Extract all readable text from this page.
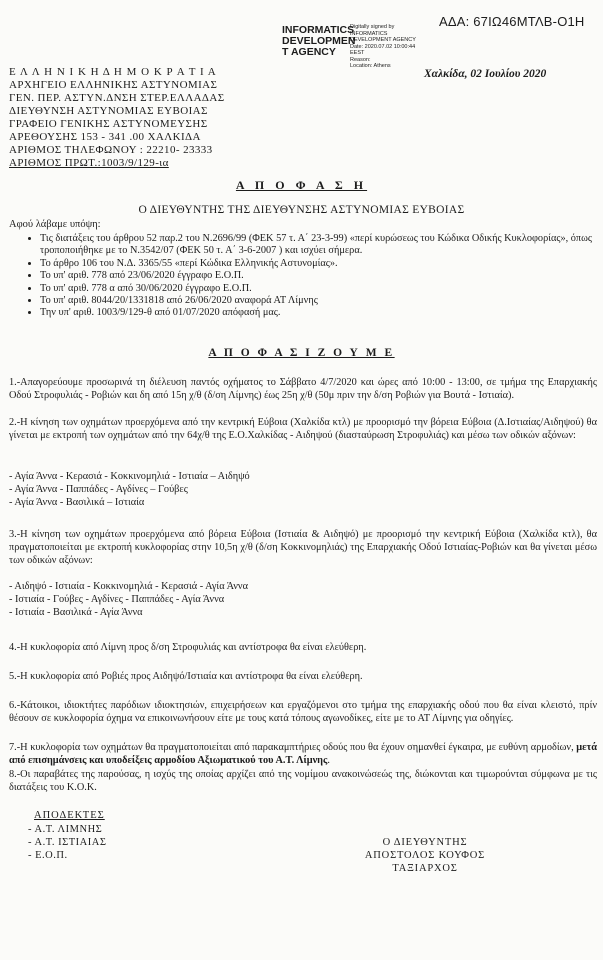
ΑΔΑ: 67ΙΩ46ΜΤΛΒ-Ο1Η
INFORMATICS
DEVELOPMEN
T AGENCY
Digitally signed by
INFORMATICS
DEVELOPMENT AGENCY
Date: 2020.07.02 10:00:44
EEST
Reason:
Location: Athens
Χαλκίδα, 02 Ιουλίου 2020
Ε Λ Λ Η Ν Ι Κ Η Δ Η Μ Ο Κ Ρ Α Τ Ι Α
ΑΡΧΗΓΕΙΟ ΕΛΛΗΝΙΚΗΣ ΑΣΤΥΝΟΜΙΑΣ
ΓΕΝ. ΠΕΡ. ΑΣΤΥΝ.ΔΝΣΗ ΣΤΕΡ.ΕΛΛΑΔΑΣ
ΔΙΕΥΘΥΝΣΗ ΑΣΤΥΝΟΜΙΑΣ ΕΥΒΟΙΑΣ
ΓΡΑΦΕΙΟ ΓΕΝΙΚΗΣ ΑΣΤΥΝΟΜΕΥΣΗΣ
ΑΡΕΘΟΥΣΗΣ 153 - 341 .00 ΧΑΛΚΙΔΑ
ΑΡΙΘΜΟΣ ΤΗΛΕΦΩΝΟΥ : 22210- 23333
ΑΡΙΘΜΟΣ ΠΡΩΤ.:1003/9/129-ια
Α Π Ο Φ Α Σ Η
Ο ΔΙΕΥΘΥΝΤΗΣ ΤΗΣ ΔΙΕΥΘΥΝΣΗΣ ΑΣΤΥΝΟΜΙΑΣ ΕΥΒΟΙΑΣ
Αφού λάβαμε υπόψη:
• Τις διατάξεις του άρθρου 52 παρ.2 του Ν.2696/99 (ΦΕΚ 57 τ. Α΄ 23-3-99) «περί κυρώσεως του Κώδικα Οδικής Κυκλοφορίας», όπως τροποποιήθηκε με το Ν.3542/07 (ΦΕΚ 50 τ. Α΄ 3-6-2007 ) και ισχύει σήμερα.
• Το άρθρο 106 του Ν.Δ. 3365/55 «περί Κώδικα Ελληνικής Αστυνομίας».
• Το υπ' αριθ. 778 από 23/06/2020 έγγραφο Ε.Ο.Π.
• Το υπ' αριθ. 778 α από 30/06/2020 έγγραφο Ε.Ο.Π.
• Το υπ' αριθ. 8044/20/1331818 από 26/06/2020 αναφορά ΑΤ Λίμνης
• Την υπ' αριθ. 1003/9/129-θ από 01/07/2020 απόφασή μας.
Α Π Ο Φ Α Σ Ι Ζ Ο Υ Μ Ε
1.-Απαγορεύουμε προσωρινά τη διέλευση παντός οχήματος το Σάββατο 4/7/2020 και ώρες από 10:00 - 13:00, σε τμήμα της Επαρχιακής Οδού Στροφυλιάς - Ροβιών και δη από 15η χ/θ (δ/ση Λίμνης) έως 25η χ/θ (50μ πριν την δ/ση Ροβιών για Βουτά - Ιστιαία).
2.-Η κίνηση των οχημάτων προερχόμενα από την κεντρική Εύβοια (Χαλκίδα κτλ) με προορισμό την βόρεια Εύβοια (Δ.Ιστιαίας/Αιδηψού) θα γίνεται με εκτροπή των οχημάτων από την 64χ/θ της Ε.Ο.Χαλκίδας - Αιδηψού (διασταύρωση Στροφυλιάς) και μέσω των οδικών αξόνων:
- Αγία Άννα - Κερασιά - Κοκκινομηλιά - Ιστιαία – Αιδηψό
- Αγία Άννα - Παππάδες - Αγδίνες – Γούβες
- Αγία Άννα - Βασιλικά – Ιστιαία
3.-Η κίνηση των οχημάτων προερχόμενα από βόρεια Εύβοια (Ιστιαία & Αιδηψό) με προορισμό την κεντρική Εύβοια (Χαλκίδα κτλ), θα πραγματοποιείται με εκτροπή κυκλοφορίας στην 10,5η χ/θ (δ/ση Κοκκινομηλιάς) της Επαρχιακής Οδού Ιστιαίας-Ροβιών και θα γίνεται μέσω των οδικών αξόνων:
- Αιδηψό - Ιστιαία - Κοκκινομηλιά - Κερασιά - Αγία Άννα
- Ιστιαία - Γούβες - Αγδίνες - Παππάδες - Αγία Άννα
- Ιστιαία - Βασιλικά - Αγία Άννα
4.-Η κυκλοφορία από Λίμνη προς δ/ση Στροφυλιάς και αντίστροφα θα είναι ελεύθερη.
5.-Η κυκλοφορία από Ροβιές προς Αιδηψό/Ιστιαία και αντίστροφα θα είναι ελεύθερη.
6.-Κάτοικοι, ιδιοκτήτες παρόδιων ιδιοκτησιών, επιχειρήσεων και εργαζόμενοι στο τμήμα της επαρχιακής οδού που θα είναι κλειστό, πρίν θέσουν σε κυκλοφορία όχημα να επικοινωνήσουν είτε με τους κατά τόπους αγωνοδίκες, είτε με το ΑΤ Λίμνης για οδηγίες.
7.-Η κυκλοφορία των οχημάτων θα πραγματοποιείται από παρακαμπτήριες οδούς που θα έχουν σημανθεί έγκαιρα, με ευθύνη αρμοδίων, μετά από επισημάνσεις και υποδείξεις αρμοδίου Αξιωματικού του Α.Τ. Λίμνης.
8.-Οι παραβάτες της παρούσας, η ισχύς της οποίας αρχίζει από της νομίμου ανακοινώσεώς της, διώκονται και τιμωρούνται σύμφωνα με τις διατάξεις του Κ.Ο.Κ.
ΑΠΟΔΕΚΤΕΣ
- Α.Τ. ΛΙΜΝΗΣ
- Α.Τ. ΙΣΤΙΑΙΑΣ
- Ε.Ο.Π.
Ο ΔΙΕΥΘΥΝΤΗΣ
ΑΠΟΣΤΟΛΟΣ ΚΟΥΦΟΣ
ΤΑΞΙΑΡΧΟΣ
